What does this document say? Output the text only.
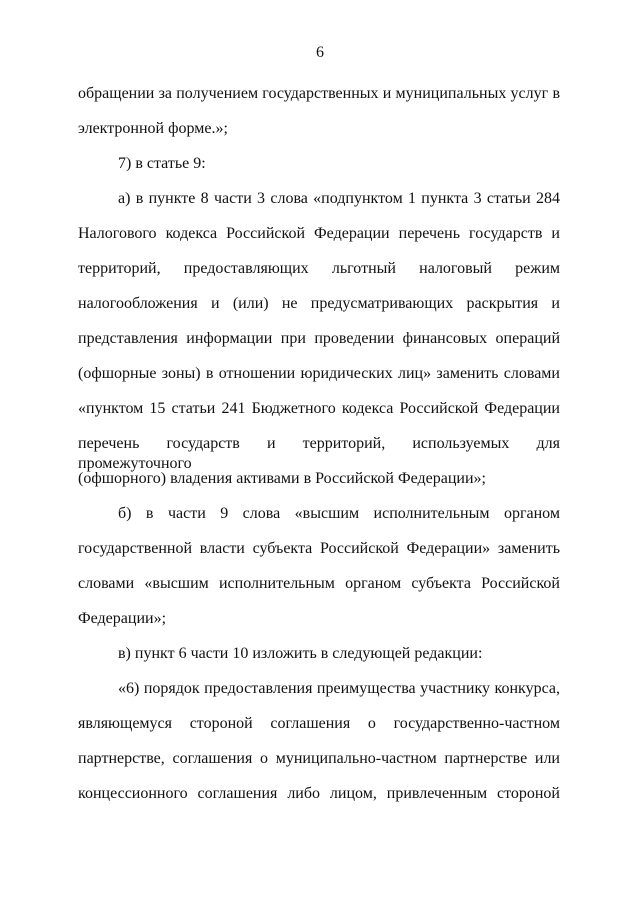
6
обращении за получением государственных и муниципальных услуг в
электронной форме.»;
7) в статье 9:
а) в пункте 8 части 3 слова «подпунктом 1 пункта 3 статьи 284
Налогового кодекса Российской Федерации перечень государств и
территорий, предоставляющих льготный налоговый режим
налогообложения и (или) не предусматривающих раскрытия и
представления информации при проведении финансовых операций
(офшорные зоны) в отношении юридических лиц» заменить словами
«пунктом 15 статьи 241 Бюджетного кодекса Российской Федерации
перечень государств и территорий, используемых для промежуточного
(офшорного) владения активами в Российской Федерации»;
б) в части 9 слова «высшим исполнительным органом
государственной власти субъекта Российской Федерации» заменить
словами «высшим исполнительным органом субъекта Российской
Федерации»;
в) пункт 6 части 10 изложить в следующей редакции:
«6) порядок предоставления преимущества участнику конкурса,
являющемуся стороной соглашения о государственно-частном
партнерстве, соглашения о муниципально-частном партнерстве или
концессионного соглашения либо лицом, привлеченным стороной
